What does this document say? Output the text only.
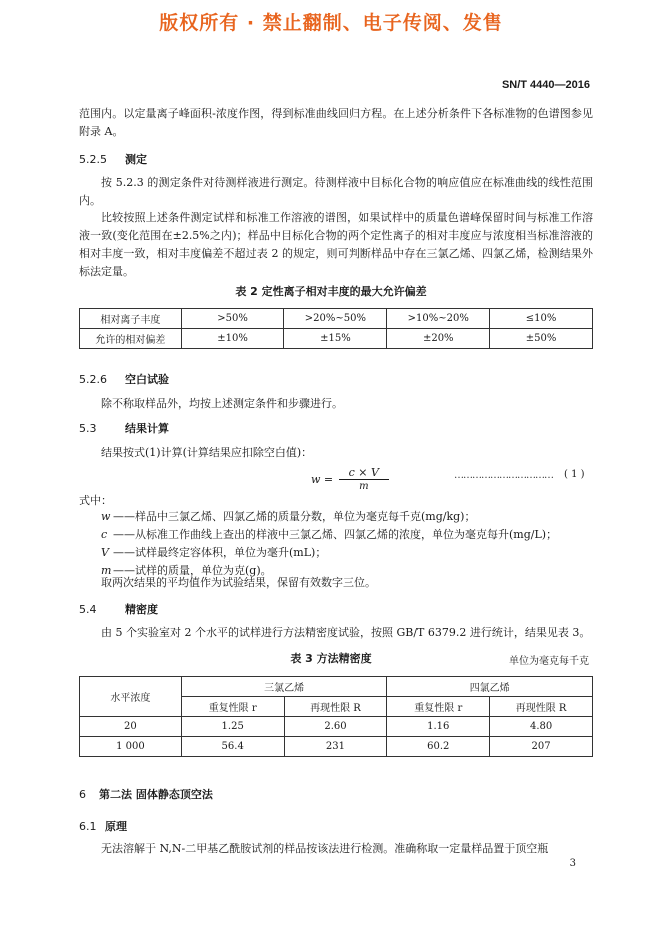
版权所有 · 禁止翻制、电子传阅、发售
SN/T 4440—2016
范围内。以定量离子峰面积-浓度作图，得到标准曲线回归方程。在上述分析条件下各标准物的色谱图参见附录 A。
5.2.5 测定
按 5.2.3 的测定条件对待测样液进行测定。待测样液中目标化合物的响应值应在标准曲线的线性范围内。
比较按照上述条件测定试样和标准工作溶液的谱图，如果试样中的质量色谱峰保留时间与标准工作溶液一致(变化范围在±2.5%之内)；样品中目标化合物的两个定性离子的相对丰度应与浓度相当标准溶液的相对丰度一致，相对丰度偏差不超过表 2 的规定，则可判断样品中存在三氯乙烯、四氯乙烯，检测结果外标法定量。
表 2 定性离子相对丰度的最大允许偏差
相对离子丰度	>50%	>20%~50%	>10%~20%	≤10%
允许的相对偏差	±10%	±15%	±20%	±50%
5.2.6 空白试验
除不称取样品外，均按上述测定条件和步骤进行。
5.3	结果计算
结果按式(1)计算(计算结果应扣除空白值)：
$w = \frac{c \times V}{m}$	…………………………… ( 1 )
式中：
w ——样品中三氯乙烯、四氯乙烯的质量分数，单位为毫克每千克(mg/kg)；
c ——从标准工作曲线上查出的样液中三氯乙烯、四氯乙烯的浓度，单位为毫克每升(mg/L)；
V ——试样最终定容体积，单位为毫升(mL)；
m ——试样的质量，单位为克(g)。
取两次结果的平均值作为试验结果，保留有效数字三位。
5.4	精密度
由 5 个实验室对 2 个水平的试样进行方法精密度试验，按照 GB/T 6379.2 进行统计，结果见表 3。
表 3 方法精密度	单位为毫克每千克
水平浓度	三氯乙烯		四氯乙烯	
	重复性限 r	再现性限 R	重复性限 r	再现性限 R
20	1.25	2.60	1.16	4.80
1 000	56.4	231	60.2	207
6 第二法 固体静态顶空法
6.1 原理
无法溶解于 N,N-二甲基乙酰胺试剂的样品按该法进行检测。准确称取一定量样品置于顶空瓶
3
